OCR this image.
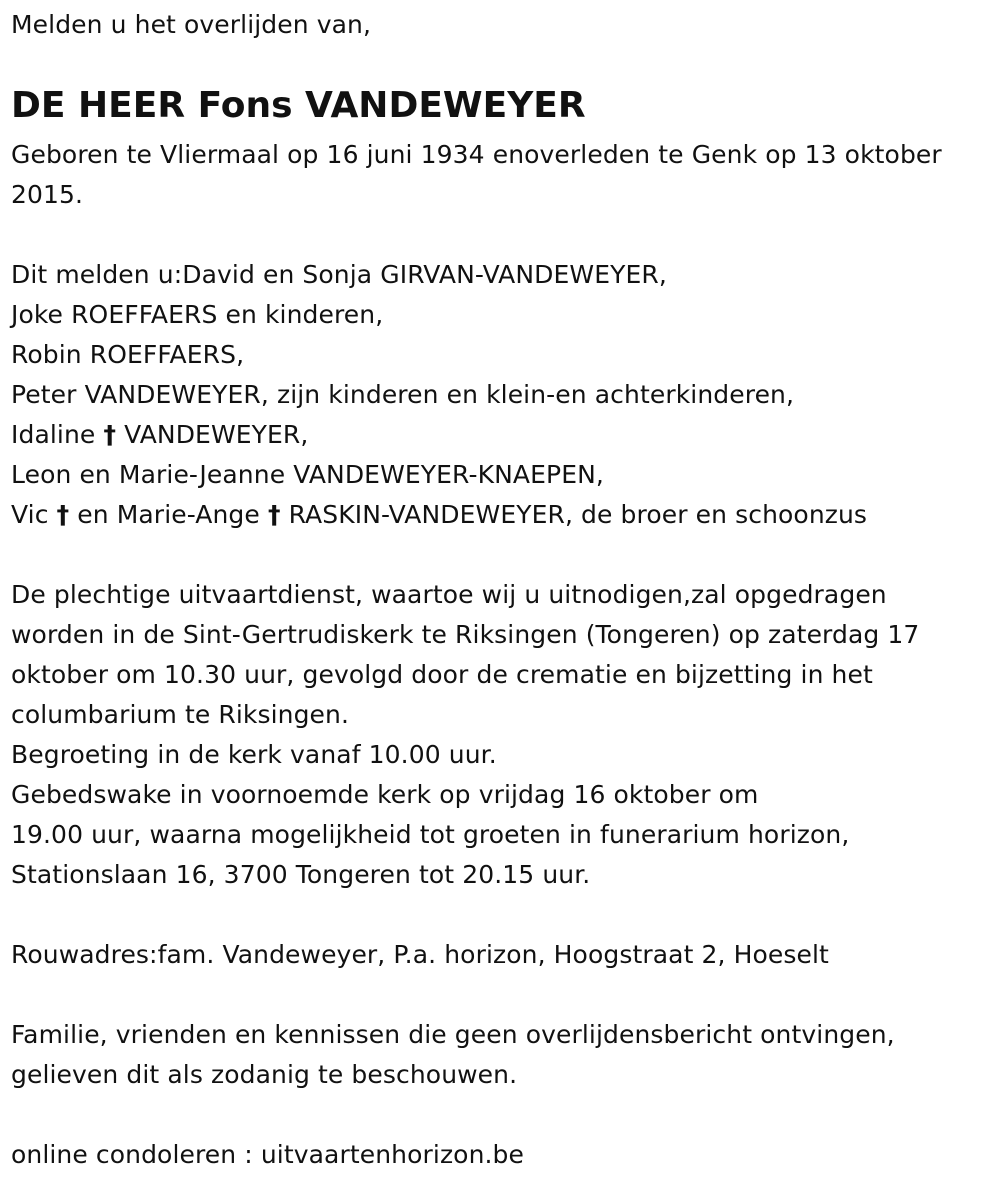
Melden u het overlijden van,
DE HEER Fons VANDEWEYER
Geboren te Vliermaal op 16 juni 1934 enoverleden te Genk op 13 oktober
2015.
Dit melden u:David en Sonja GIRVAN-VANDEWEYER,
Joke ROEFFAERS en kinderen,
Robin ROEFFAERS,
Peter VANDEWEYER, zijn kinderen en klein-en achterkinderen,
Idaline † VANDEWEYER,
Leon en Marie-Jeanne VANDEWEYER-KNAEPEN,
Vic † en Marie-Ange † RASKIN-VANDEWEYER, de broer en schoonzus
De plechtige uitvaartdienst, waartoe wij u uitnodigen,zal opgedragen
worden in de Sint-Gertrudiskerk te Riksingen (Tongeren) op zaterdag 17
oktober om 10.30 uur, gevolgd door de crematie en bijzetting in het
columbarium te Riksingen.
Begroeting in de kerk vanaf 10.00 uur.
Gebedswake in voornoemde kerk op vrijdag 16 oktober om
19.00 uur, waarna mogelijkheid tot groeten in funerarium horizon,
Stationslaan 16, 3700 Tongeren tot 20.15 uur.
Rouwadres:fam. Vandeweyer, P.a. horizon, Hoogstraat 2, Hoeselt
Familie, vrienden en kennissen die geen overlijdensbericht ontvingen,
gelieven dit als zodanig te beschouwen.
online condoleren : uitvaartenhorizon.be
